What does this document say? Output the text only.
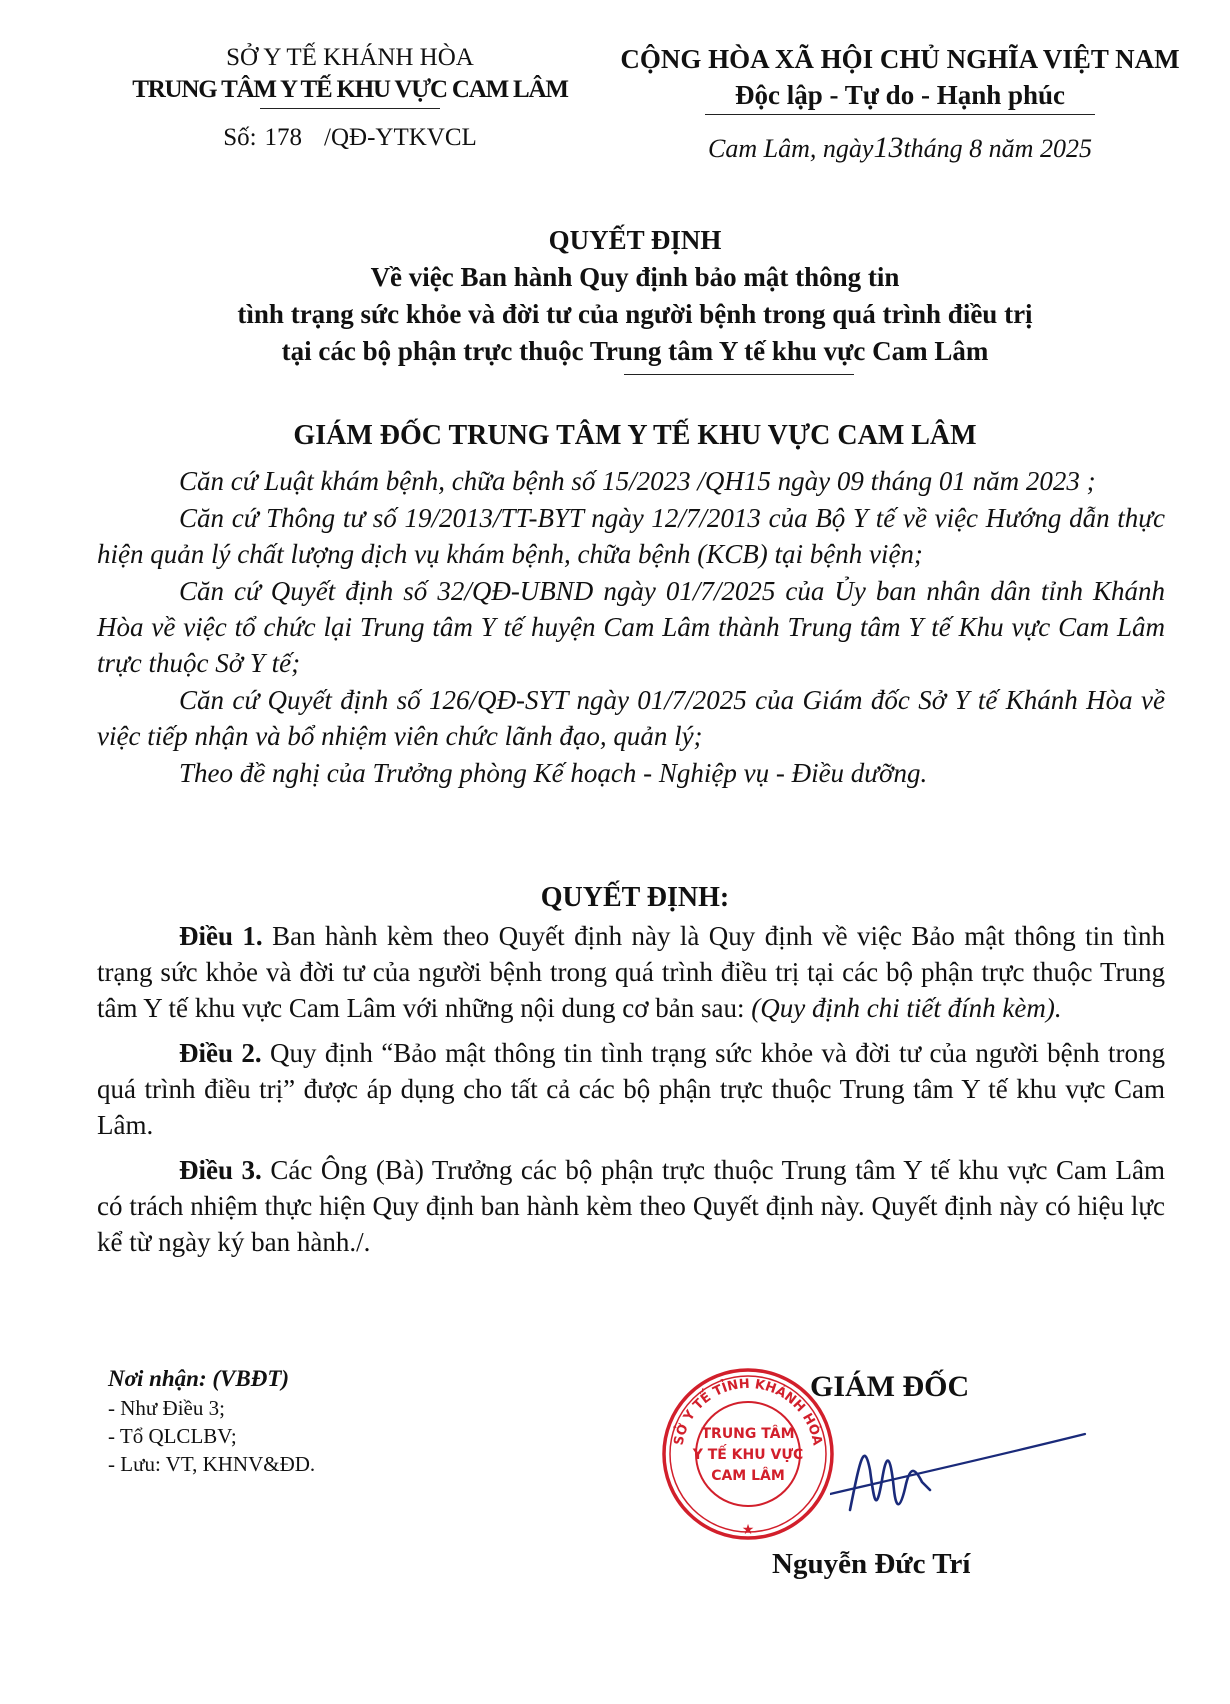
SỞ Y TẾ KHÁNH HÒA
TRUNG TÂM Y TẾ KHU VỰC CAM LÂM
Số: 178 /QĐ-YTKVCL
CỘNG HÒA XÃ HỘI CHỦ NGHĨA VIỆT NAM
Độc lập - Tự do - Hạnh phúc
Cam Lâm, ngày13tháng 8 năm 2025
QUYẾT ĐỊNH
Về việc Ban hành Quy định bảo mật thông tin
tình trạng sức khỏe và đời tư của người bệnh trong quá trình điều trị
tại các bộ phận trực thuộc Trung tâm Y tế khu vực Cam Lâm
GIÁM ĐỐC TRUNG TÂM Y TẾ KHU VỰC CAM LÂM

Căn cứ Luật khám bệnh, chữa bệnh số 15/2023 /QH15 ngày 09 tháng 01 năm 2023 ;

Căn cứ Thông tư số 19/2013/TT-BYT ngày 12/7/2013 của Bộ Y tế về việc Hướng dẫn thực hiện quản lý chất lượng dịch vụ khám bệnh, chữa bệnh (KCB) tại bệnh viện;

Căn cứ Quyết định số 32/QĐ-UBND ngày 01/7/2025 của Ủy ban nhân dân tỉnh Khánh Hòa về việc tổ chức lại Trung tâm Y tế huyện Cam Lâm thành Trung tâm Y tế Khu vực Cam Lâm trực thuộc Sở Y tế;

Căn cứ Quyết định số 126/QĐ-SYT ngày 01/7/2025 của Giám đốc Sở Y tế Khánh Hòa về việc tiếp nhận và bổ nhiệm viên chức lãnh đạo, quản lý;

Theo đề nghị của Trưởng phòng Kế hoạch - Nghiệp vụ - Điều dưỡng.

QUYẾT ĐỊNH:

Điều 1. Ban hành kèm theo Quyết định này là Quy định về việc Bảo mật thông tin tình trạng sức khỏe và đời tư của người bệnh trong quá trình điều trị tại các bộ phận trực thuộc Trung tâm Y tế khu vực Cam Lâm với những nội dung cơ bản sau: (Quy định chi tiết đính kèm).

Điều 2. Quy định “Bảo mật thông tin tình trạng sức khỏe và đời tư của người bệnh trong quá trình điều trị” được áp dụng cho tất cả các bộ phận trực thuộc Trung tâm Y tế khu vực Cam Lâm.

Điều 3. Các Ông (Bà) Trưởng các bộ phận trực thuộc Trung tâm Y tế khu vực Cam Lâm có trách nhiệm thực hiện Quy định ban hành kèm theo Quyết định này. Quyết định này có hiệu lực kể từ ngày ký ban hành./.

Nơi nhận: (VBĐT)
- Như Điều 3;
- Tổ QLCLBV;
- Lưu: VT, KHNV&ĐD.
GIÁM ĐỐC
SỞ Y TẾ TỈNH KHÁNH HÒA
TRUNG TÂM
Y TẾ KHU VỰC
CAM LÂM
★
Nguyễn Đức Trí
